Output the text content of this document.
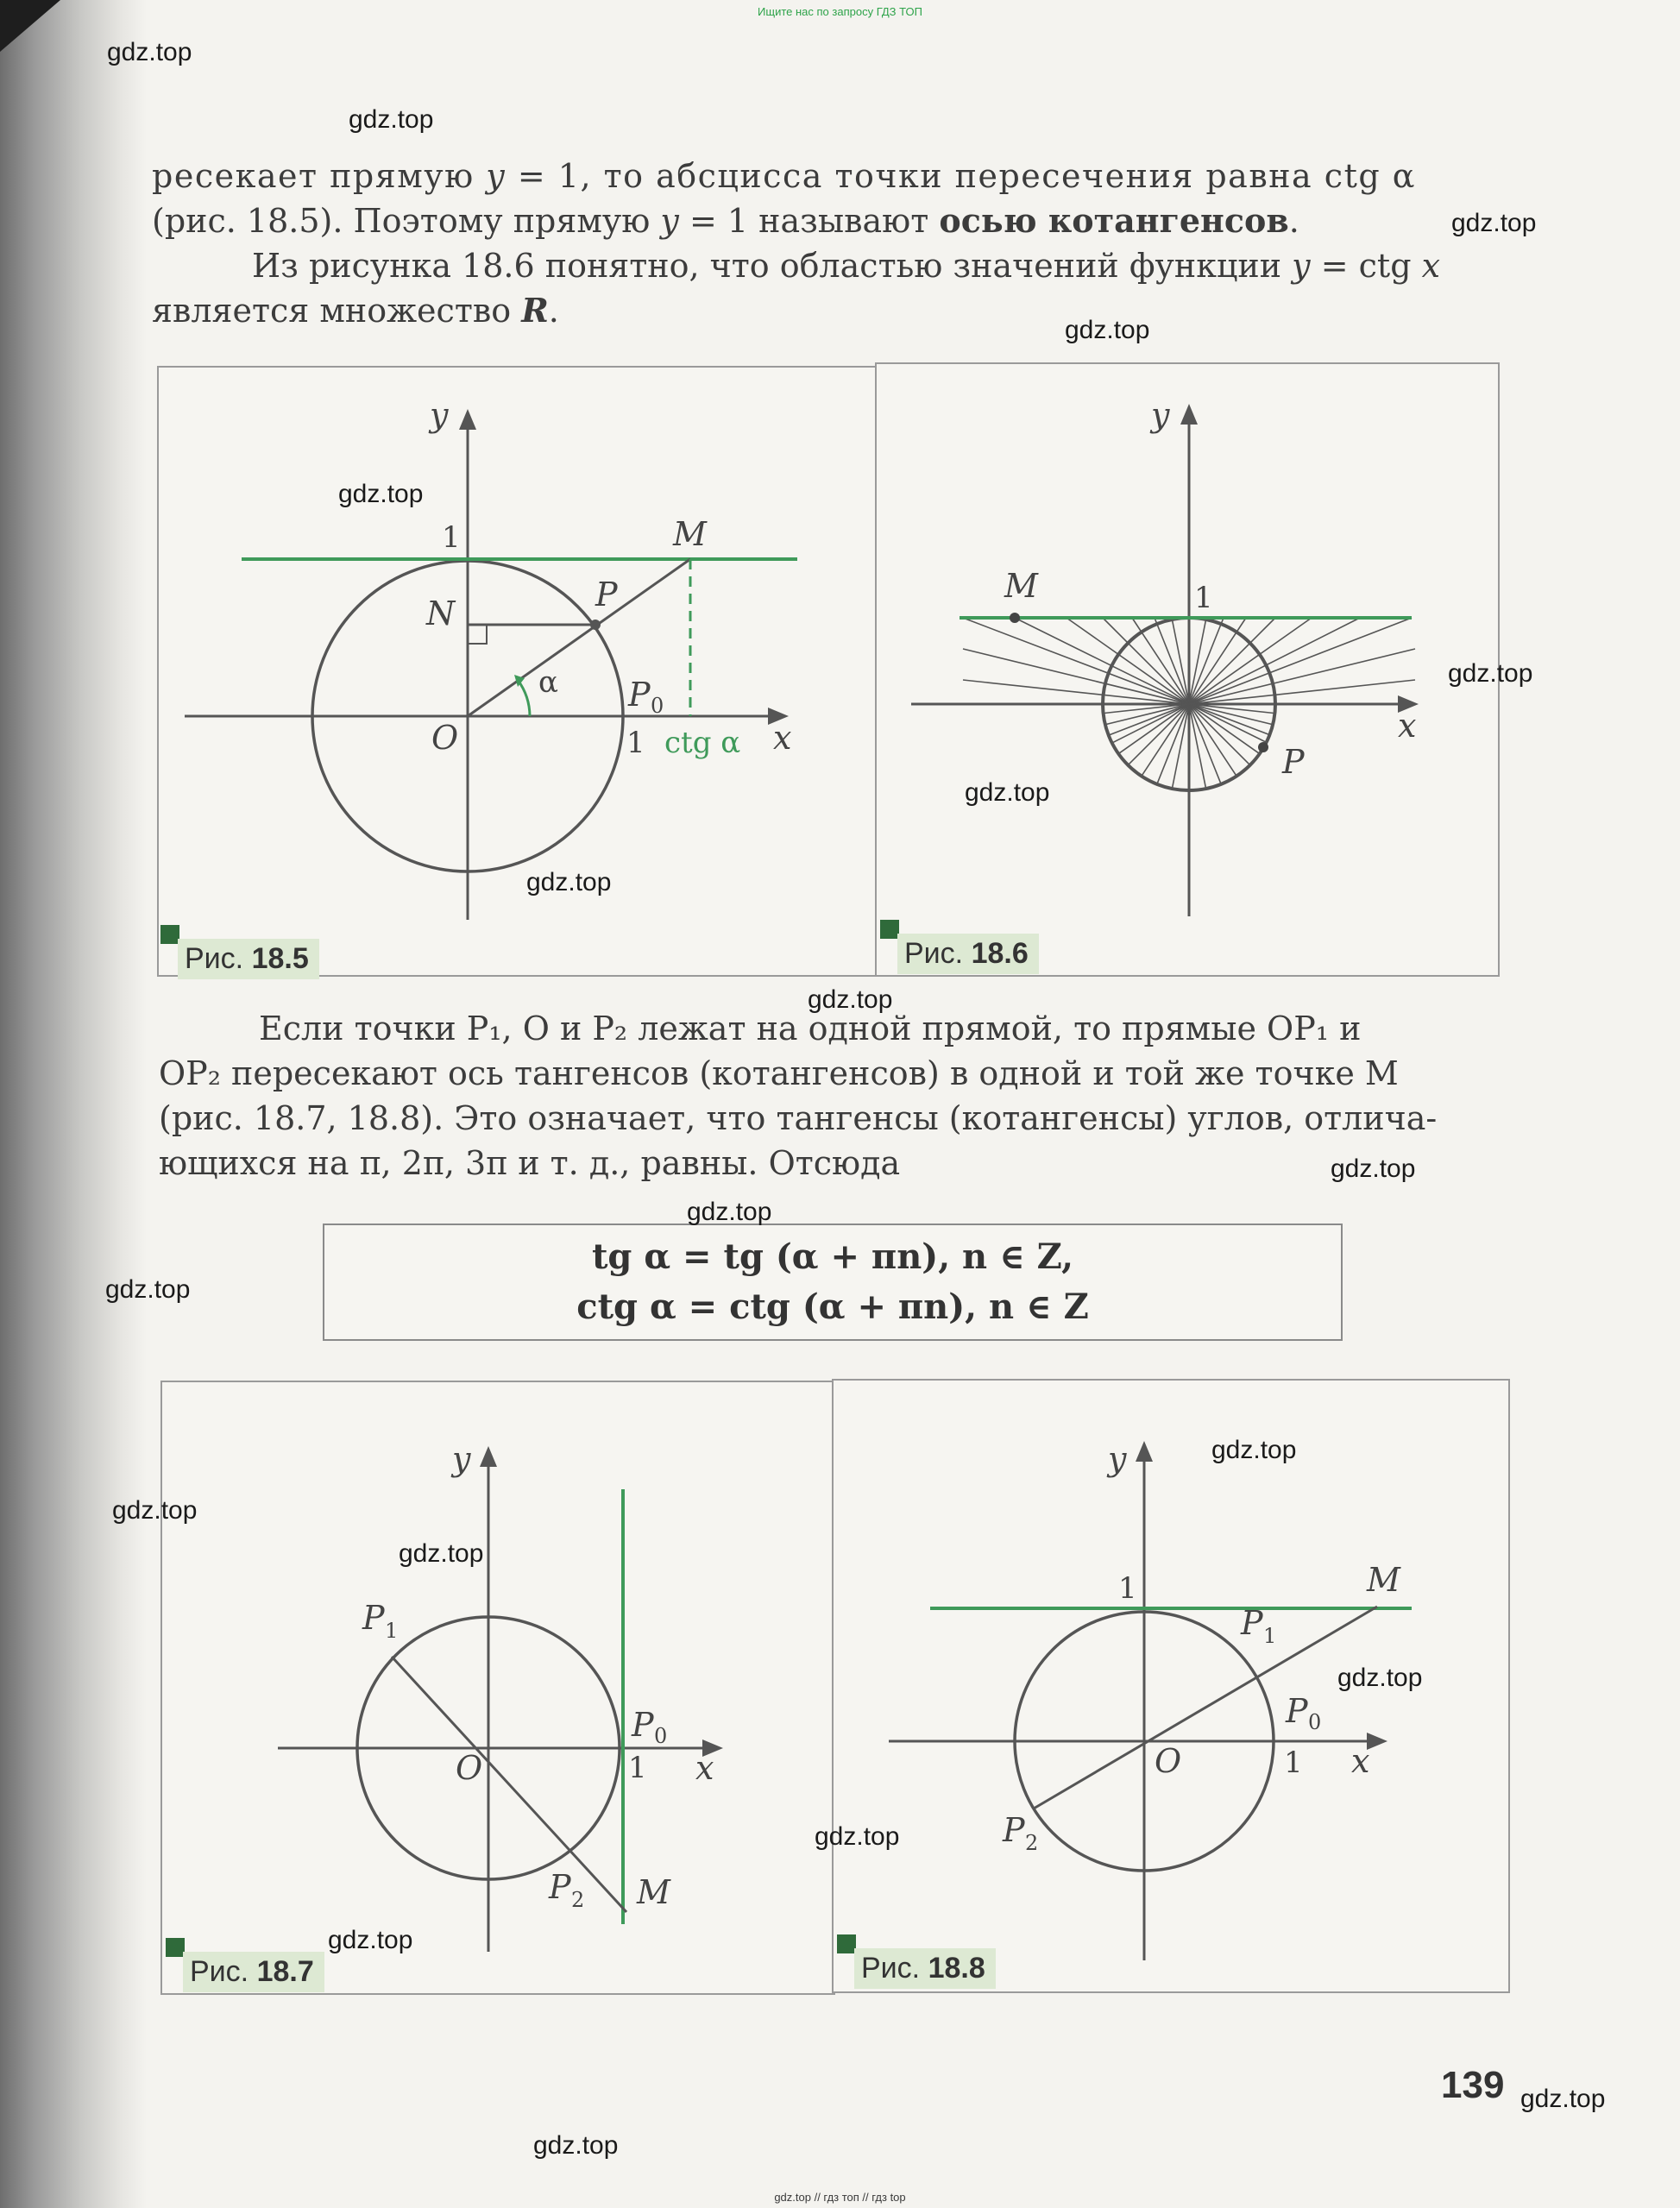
Ищите нас по запросу ГДЗ ТОП
ресекает прямую y = 1, то абсцисса точки пересечения равна ctg α
(рис. 18.5). Поэтому прямую y = 1 называют осью котангенсов.
Из рисунка 18.6 понятно, что областью значений функции y = ctg x
является множество R.
y
x
1
1
M
N	P
O
P 0
α
ctg α
Рис. 18.5
y
x
1
M
P
Рис. 18.6
Если точки P₁, O и P₂ лежат на одной прямой, то прямые OP₁ и
OP₂ пересекают ось тангенсов (котангенсов) в одной и той же точке M
(рис. 18.7, 18.8). Это означает, что тангенсы (котангенсы) углов, отлича-
ющихся на π, 2π, 3π и т. д., равны. Отсюда
tg α = tg (α + πn), n ∈ Z,
ctg α = ctg (α + πn), n ∈ Z
y
x
1
O
P 0
P 1
P 2 M
Рис. 18.7
y
x
1
1
O
M
P 1
P 0
P 2
Рис. 18.8
139
gdz.top
gdz.top
gdz.top
gdz.top
gdz.top
gdz.top
gdz.top
gdz.top
gdz.top
gdz.top
gdz.top
gdz.top
gdz.top
gdz.top
gdz.top
gdz.top
gdz.top
gdz.top
gdz.top
gdz.top
gdz.top // гдз топ // гдз top
